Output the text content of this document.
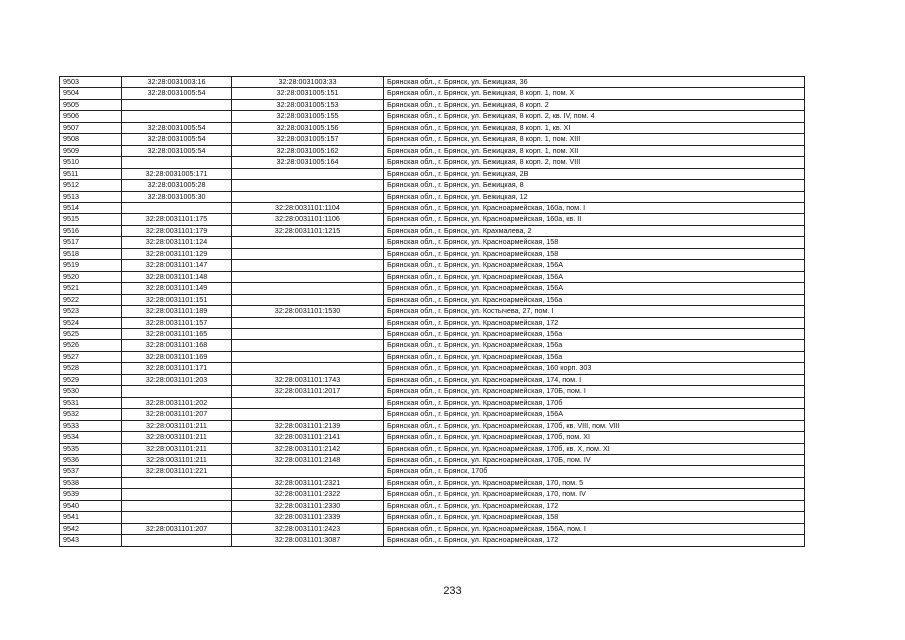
9503	32:28:0031003:16	32:28:0031003:33	Брянская обл., г. Брянск, ул. Бежицкая, 36
9504	32:28:0031005:54	32:28:0031005:151	Брянская обл., г. Брянск, ул. Бежицкая, 8 корп. 1, пом. X
9505		32:28:0031005:153	Брянская обл., г. Брянск, ул. Бежицкая, 8 корп. 2
9506		32:28:0031005:155	Брянская обл., г. Брянск, ул. Бежицкая, 8 корп. 2, кв. IV, пом. 4
9507	32:28:0031005:54	32:28:0031005:156	Брянская обл., г. Брянск, ул. Бежицкая, 8 корп. 1, кв. XI
9508	32:28:0031005:54	32:28:0031005:157	Брянская обл., г. Брянск, ул. Бежицкая, 8 корп. 1, пом. XIII
9509	32:28:0031005:54	32:28:0031005:162	Брянская обл., г. Брянск, ул. Бежицкая, 8 корп. 1, пом. XII
9510		32:28:0031005:164	Брянская обл., г. Брянск, ул. Бежицкая, 8 корп. 2, пом. VIII
9511	32:28:0031005:171		Брянская обл., г. Брянск, ул. Бежицкая, 2В
9512	32:28:0031005:28		Брянская обл., г. Брянск, ул. Бежицкая, 8
9513	32:28:0031005:30		Брянская обл., г. Брянск, ул. Бежицкая, 12
9514		32:28:0031101:1104	Брянская обл., г. Брянск, ул. Красноармейская, 160а, пом. I
9515	32:28:0031101:175	32:28:0031101:1106	Брянская обл., г. Брянск, ул. Красноармейская, 160а, кв. II
9516	32:28:0031101:179	32:28:0031101:1215	Брянская обл., г. Брянск, ул. Крахмалева, 2
9517	32:28:0031101:124		Брянская обл., г. Брянск, ул. Красноармейская, 158
9518	32:28:0031101:129		Брянская обл., г. Брянск, ул. Красноармейская, 158
9519	32:28:0031101:147		Брянская обл., г. Брянск, ул. Красноармейская, 156А
9520	32:28:0031101:148		Брянская обл., г. Брянск, ул. Красноармейская, 156А
9521	32:28:0031101:149		Брянская обл., г. Брянск, ул. Красноармейская, 156А
9522	32:28:0031101:151		Брянская обл., г. Брянск, ул. Красноармейская, 156а
9523	32:28:0031101:189	32:28:0031101:1530	Брянская обл., г. Брянск, ул. Костычева, 27, пом. I
9524	32:28:0031101:157		Брянская обл., г. Брянск, ул. Красноармейская, 172
9525	32:28:0031101:165		Брянская обл., г. Брянск, ул. Красноармейская, 156а
9526	32:28:0031101:168		Брянская обл., г. Брянск, ул. Красноармейская, 156а
9527	32:28:0031101:169		Брянская обл., г. Брянск, ул. Красноармейская, 156а
9528	32:28:0031101:171		Брянская обл., г. Брянск, ул. Красноармейская, 160 корп. 303
9529	32:28:0031101:203	32:28:0031101:1743	Брянская обл., г. Брянск, ул. Красноармейская, 174, пом. I
9530		32:28:0031101:2017	Брянская обл., г. Брянск, ул. Красноармейская, 170Б, пом. I
9531	32:28:0031101:202		Брянская обл., г. Брянск, ул. Красноармейская, 170б
9532	32:28:0031101:207		Брянская обл., г. Брянск, ул. Красноармейская, 156А
9533	32:28:0031101:211	32:28:0031101:2139	Брянская обл., г. Брянск, ул. Красноармейская, 170б, кв. VIII, пом. VIII
9534	32:28:0031101:211	32:28:0031101:2141	Брянская обл., г. Брянск, ул. Красноармейская, 170б, пом. XI
9535	32:28:0031101:211	32:28:0031101:2142	Брянская обл., г. Брянск, ул. Красноармейская, 170б, кв. X, пом. XI
9536	32:28:0031101:211	32:28:0031101:2148	Брянская обл., г. Брянск, ул. Красноармейская, 170Б, пом. IV
9537	32:28:0031101:221		Брянская обл., г. Брянск, 170б
9538		32:28:0031101:2321	Брянская обл., г. Брянск, ул. Красноармейская, 170, пом. 5
9539		32:28:0031101:2322	Брянская обл., г. Брянск, ул. Красноармейская, 170, пом. IV
9540		32:28:0031101:2330	Брянская обл., г. Брянск, ул. Красноармейская, 172
9541		32:28:0031101:2339	Брянская обл., г. Брянск, ул. Красноармейская, 158
9542	32:28:0031101:207	32:28:0031101:2423	Брянская обл., г. Брянск, ул. Красноармейская, 156А, пом. I
9543		32:28:0031101:3087	Брянская обл., г. Брянск, ул. Красноармейская, 172
233
